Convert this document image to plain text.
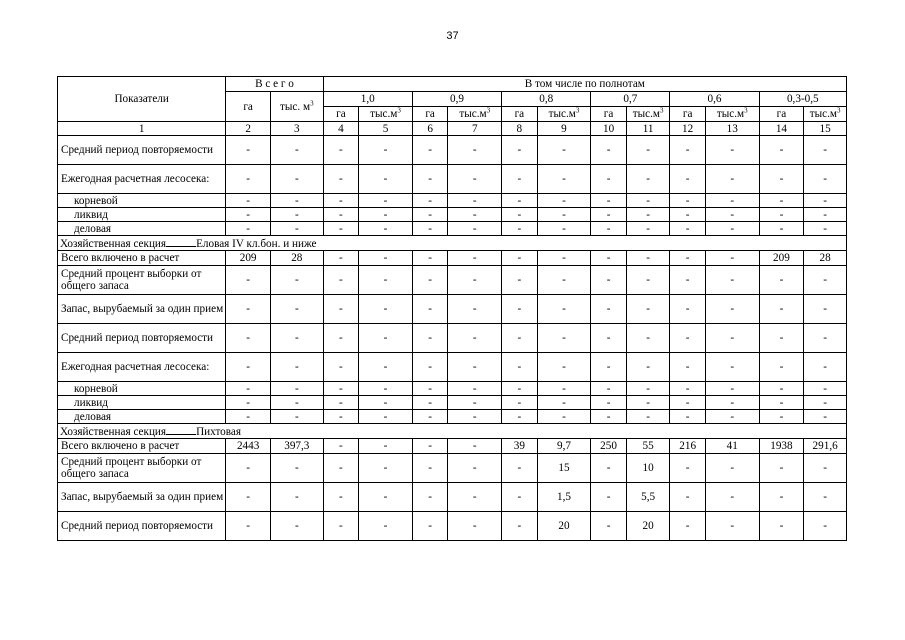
37
Показатели	В с е г о		В том числе по полнотам											
	га	тыс. $м^3$	1,0		0,9		0,8		0,7		0,6		0,3-0,5	
			га	$тыс.м^3$	га	$тыс.м^3$	га	$тыс.м^3$	га	$тыс.м^3$	га	$тыс.м^3$	га	$тыс.м^3$
1	2	3	4	5	6	7	8	9	10	11	12	13	14	15
Средний период повторяемости	-	-	-	-	-	-	-	-	-	-	-	-	-	-
Ежегодная расчетная лесосека:	-	-	-	-	-	-	-	-	-	-	-	-	-	-
корневой	-	-	-	-	-	-	-	-	-	-	-	-	-	-
ликвид	-	-	-	-	-	-	-	-	-	-	-	-	-	-
деловая	-	-	-	-	-	-	-	-	-	-	-	-	-	-
Хозяйственная секция Еловая IV кл.бон. и ниже														
Всего включено в расчет	209	28	-	-	-	-	-	-	-	-	-	-	209	28
Средний процент выборки от общего запаса	-	-	-	-	-	-	-	-	-	-	-	-	-	-
Запас, вырубаемый за один прием	-	-	-	-	-	-	-	-	-	-	-	-	-	-
Средний период повторяемости	-	-	-	-	-	-	-	-	-	-	-	-	-	-
Ежегодная расчетная лесосека:	-	-	-	-	-	-	-	-	-	-	-	-	-	-
корневой	-	-	-	-	-	-	-	-	-	-	-	-	-	-
ликвид	-	-	-	-	-	-	-	-	-	-	-	-	-	-
деловая	-	-	-	-	-	-	-	-	-	-	-	-	-	-
Хозяйственная секция Пихтовая														
Всего включено в расчет	2443	397,3	-	-	-	-	39	9,7	250	55	216	41	1938	291,6
Средний процент выборки от общего запаса	-	-	-	-	-	-	-	15	-	10	-	-	-	-
Запас, вырубаемый за один прием	-	-	-	-	-	-	-	1,5	-	5,5	-	-	-	-
Средний период повторяемости	-	-	-	-	-	-	-	20	-	20	-	-	-	-
